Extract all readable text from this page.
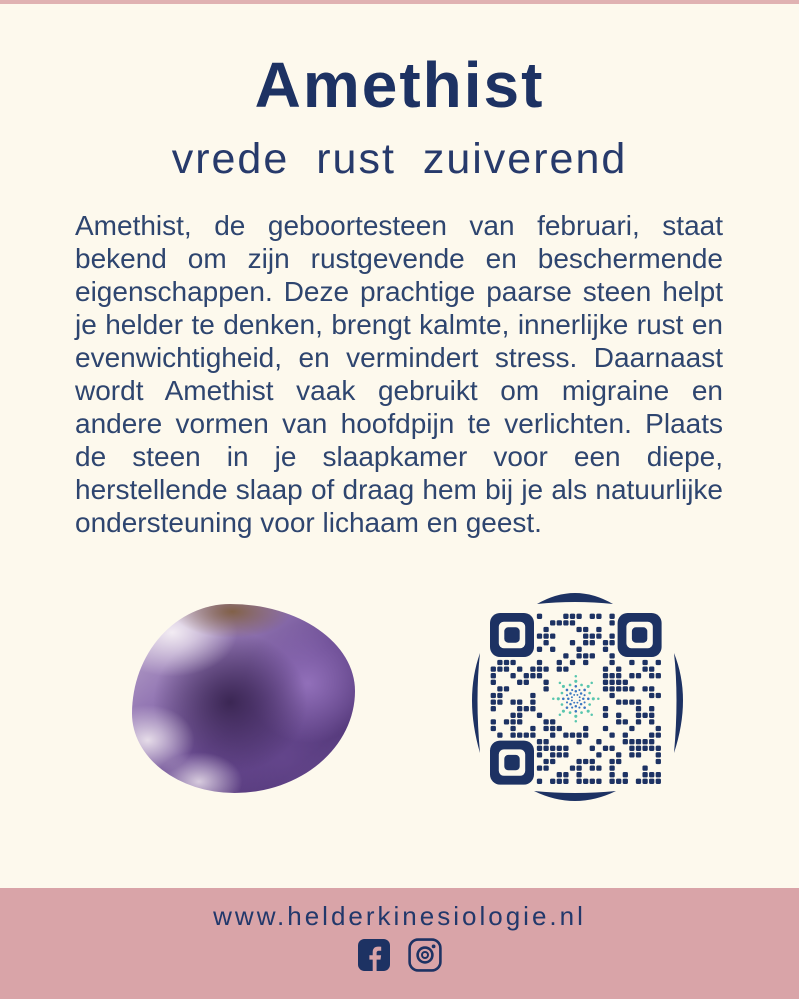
Amethist
vrede rust zuiverend
Amethist, de geboortesteen van februari, staat
bekend om zijn rustgevende en beschermende
eigenschappen. Deze prachtige paarse steen helpt
je helder te denken, brengt kalmte, innerlijke rust en
evenwichtigheid, en vermindert stress. Daarnaast
wordt Amethist vaak gebruikt om migraine en
andere vormen van hoofdpijn te verlichten. Plaats
de steen in je slaapkamer voor een diepe,
herstellende slaap of draag hem bij je als natuurlijke
ondersteuning voor lichaam en geest.
www.helderkinesiologie.nl
